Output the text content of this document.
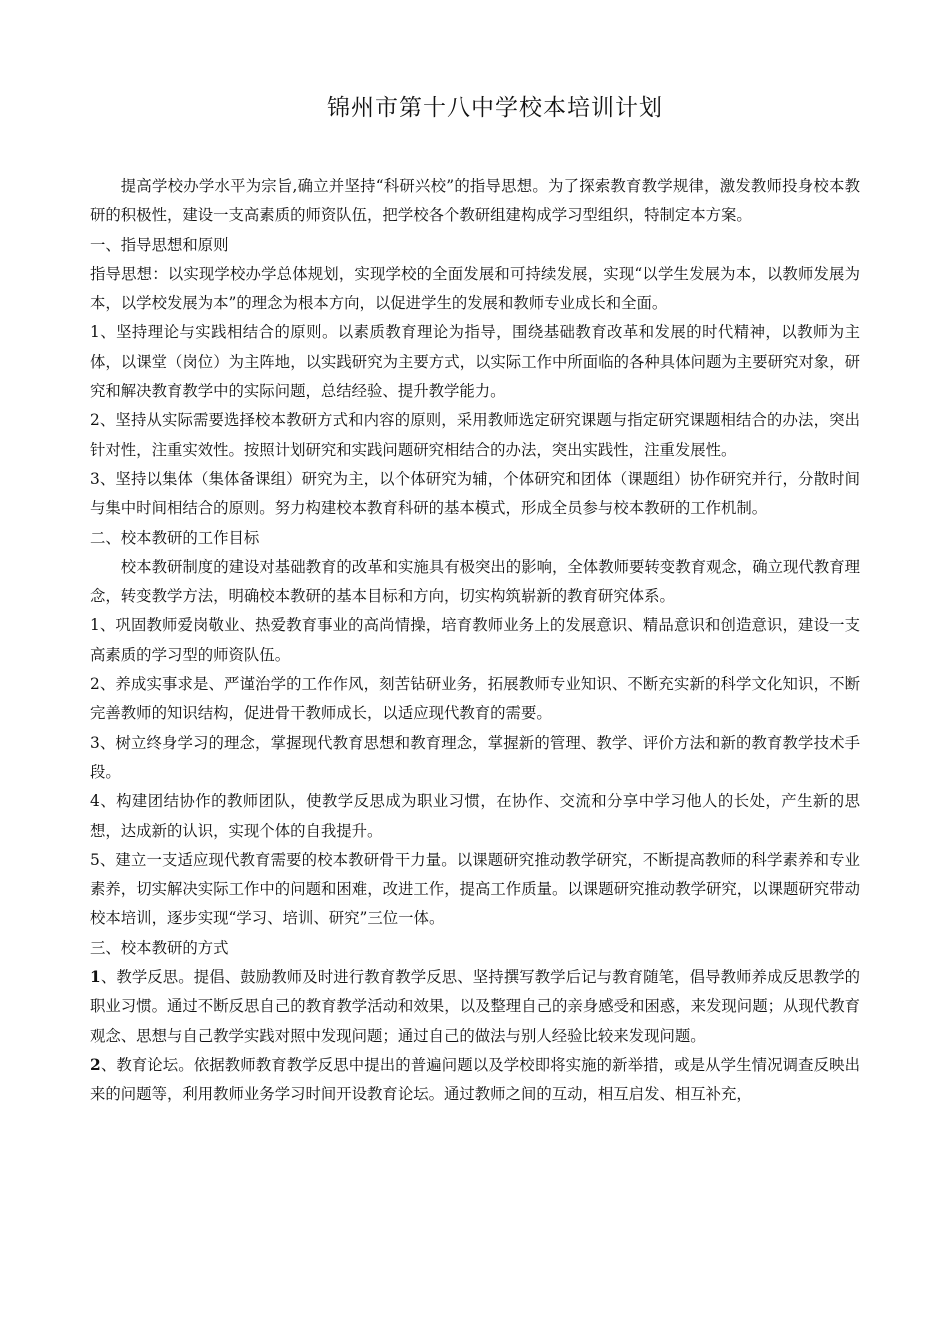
锦州市第十八中学校本培训计划

提高学校办学水平为宗旨,确立并坚持“科研兴校”的指导思想。为了探索教育教学规律，激发教师投身校本教研的积极性，建设一支高素质的师资队伍，把学校各个教研组建构成学习型组织，特制定本方案。

一、指导思想和原则

指导思想：以实现学校办学总体规划，实现学校的全面发展和可持续发展，实现“以学生发展为本，以教师发展为本，以学校发展为本”的理念为根本方向，以促进学生的发展和教师专业成长和全面。

1、坚持理论与实践相结合的原则。以素质教育理论为指导，围绕基础教育改革和发展的时代精神，以教师为主体，以课堂（岗位）为主阵地，以实践研究为主要方式，以实际工作中所面临的各种具体问题为主要研究对象，研究和解决教育教学中的实际问题，总结经验、提升教学能力。

2、坚持从实际需要选择校本教研方式和内容的原则，采用教师选定研究课题与指定研究课题相结合的办法，突出针对性，注重实效性。按照计划研究和实践问题研究相结合的办法，突出实践性，注重发展性。

3、坚持以集体（集体备课组）研究为主，以个体研究为辅，个体研究和团体（课题组）协作研究并行，分散时间与集中时间相结合的原则。努力构建校本教育科研的基本模式，形成全员参与校本教研的工作机制。

二、校本教研的工作目标

校本教研制度的建设对基础教育的改革和实施具有极突出的影响，全体教师要转变教育观念，确立现代教育理念，转变教学方法，明确校本教研的基本目标和方向，切实构筑崭新的教育研究体系。

1、巩固教师爱岗敬业、热爱教育事业的高尚情操，培育教师业务上的发展意识、精品意识和创造意识，建设一支高素质的学习型的师资队伍。

2、养成实事求是、严谨治学的工作作风，刻苦钻研业务，拓展教师专业知识、不断充实新的科学文化知识，不断完善教师的知识结构，促进骨干教师成长，以适应现代教育的需要。

3、树立终身学习的理念，掌握现代教育思想和教育理念，掌握新的管理、教学、评价方法和新的教育教学技术手段。

4、构建团结协作的教师团队，使教学反思成为职业习惯，在协作、交流和分享中学习他人的长处，产生新的思想，达成新的认识，实现个体的自我提升。

5、建立一支适应现代教育需要的校本教研骨干力量。以课题研究推动教学研究，不断提高教师的科学素养和专业素养，切实解决实际工作中的问题和困难，改进工作，提高工作质量。以课题研究推动教学研究，以课题研究带动校本培训，逐步实现“学习、培训、研究”三位一体。

三、校本教研的方式

1、教学反思。提倡、鼓励教师及时进行教育教学反思、坚持撰写教学后记与教育随笔，倡导教师养成反思教学的职业习惯。通过不断反思自己的教育教学活动和效果，以及整理自己的亲身感受和困惑，来发现问题；从现代教育观念、思想与自己教学实践对照中发现问题；通过自己的做法与别人经验比较来发现问题。

2、教育论坛。依据教师教育教学反思中提出的普遍问题以及学校即将实施的新举措，或是从学生情况调查反映出来的问题等，利用教师业务学习时间开设教育论坛。通过教师之间的互动，相互启发、相互补充，
